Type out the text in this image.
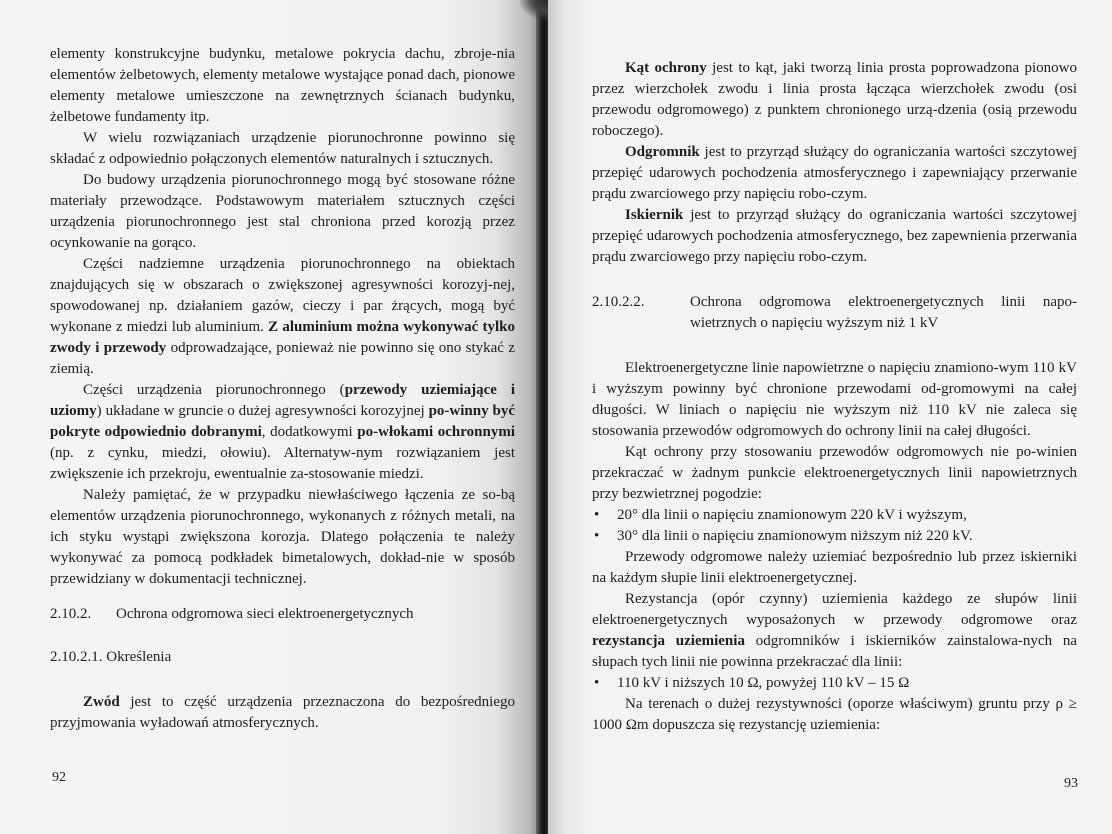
elementy konstrukcyjne budynku, metalowe pokrycia dachu, zbroje-nia elementów żelbetowych, elementy metalowe wystające ponad dach, pionowe elementy metalowe umieszczone na zewnętrznych ścianach budynku, żelbetowe fundamenty itp.

W wielu rozwiązaniach urządzenie piorunochronne powinno się składać z odpowiednio połączonych elementów naturalnych i sztucznych.

Do budowy urządzenia piorunochronnego mogą być stosowane różne materiały przewodzące. Podstawowym materiałem sztucznych części urządzenia piorunochronnego jest stal chroniona przed korozją przez ocynkowanie na gorąco.

Części nadziemne urządzenia piorunochronnego na obiektach znajdujących się w obszarach o zwiększonej agresywności korozyj-nej, spowodowanej np. działaniem gazów, cieczy i par żrących, mogą być wykonane z miedzi lub aluminium. Z aluminium można wykonywać tylko zwody i przewody odprowadzające, ponieważ nie powinno się ono stykać z ziemią.

Części urządzenia piorunochronnego (przewody uziemiające i uziomy) układane w gruncie o dużej agresywności korozyjnej po-winny być pokryte odpowiednio dobranymi, dodatkowymi po-włokami ochronnymi (np. z cynku, miedzi, ołowiu). Alternatyw-nym rozwiązaniem jest zwiększenie ich przekroju, ewentualnie za-stosowanie miedzi.

Należy pamiętać, że w przypadku niewłaściwego łączenia ze so-bą elementów urządzenia piorunochronnego, wykonanych z różnych metali, na ich styku wystąpi zwiększona korozja. Dlatego połączenia te należy wykonywać za pomocą podkładek bimetalowych, dokład-nie w sposób przewidziany w dokumentacji technicznej.

2.10.2.	Ochrona odgromowa sieci elektroenergetycznych

2.10.2.1. Określenia

Zwód jest to część urządzenia przeznaczona do bezpośredniego przyjmowania wyładowań atmosferycznych.

92

Kąt ochrony jest to kąt, jaki tworzą linia prosta poprowadzona pionowo przez wierzchołek zwodu i linia prosta łącząca wierzchołek zwodu (osi przewodu odgromowego) z punktem chronionego urzą-dzenia (osią przewodu roboczego).

Odgromnik jest to przyrząd służący do ograniczania wartości szczytowej przepięć udarowych pochodzenia atmosferycznego i zapewniający przerwanie prądu zwarciowego przy napięciu robo-czym.

Iskiernik jest to przyrząd służący do ograniczania wartości szczytowej przepięć udarowych pochodzenia atmosferycznego, bez zapewnienia przerwania prądu zwarciowego przy napięciu robo-czym.

2.10.2.2.	Ochrona odgromowa elektroenergetycznych linii napo-wietrznych o napięciu wyższym niż 1 kV

Elektroenergetyczne linie napowietrzne o napięciu znamiono-wym 110 kV i wyższym powinny być chronione przewodami od-gromowymi na całej długości. W liniach o napięciu nie wyższym niż 110 kV nie zaleca się stosowania przewodów odgromowych do ochrony linii na całej długości.

Kąt ochrony przy stosowaniu przewodów odgromowych nie po-winien przekraczać w żadnym punkcie elektroenergetycznych linii napowietrznych przy bezwietrznej pogodzie:

• 20° dla linii o napięciu znamionowym 220 kV i wyższym,
• 30° dla linii o napięciu znamionowym niższym niż 220 kV.

Przewody odgromowe należy uziemiać bezpośrednio lub przez iskierniki na każdym słupie linii elektroenergetycznej.

Rezystancja (opór czynny) uziemienia każdego ze słupów linii elektroenergetycznych wyposażonych w przewody odgromowe oraz rezystancja uziemienia odgromników i iskierników zainstalowa-nych na słupach tych linii nie powinna przekraczać dla linii:

• 110 kV i niższych 10 Ω, powyżej 110 kV – 15 Ω

Na terenach o dużej rezystywności (oporze właściwym) gruntu przy ρ ≥ 1000 Ωm dopuszcza się rezystancję uziemienia:

93
